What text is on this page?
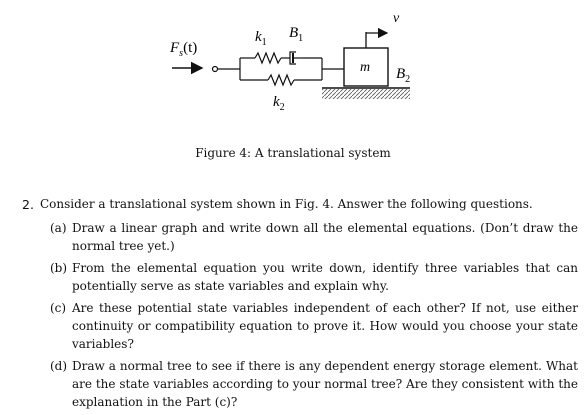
$F_s(t)$
m
v
$k_1$
$B_1$
$k_2$
$B_2$
Figure 4: A translational system
2. Consider a translational system shown in Fig. 4. Answer the following questions.
(a) Draw a linear graph and write down all the elemental equations. (Don’t draw the normal tree yet.)
(b) From the elemental equation you write down, identify three variables that can potentially serve as state variables and explain why.
(c) Are these potential state variables independent of each other? If not, use either continuity or compatibility equation to prove it. How would you choose your state variables?
(d) Draw a normal tree to see if there is any dependent energy storage element. What are the state variables according to your normal tree? Are they consistent with the explanation in the Part (c)?
